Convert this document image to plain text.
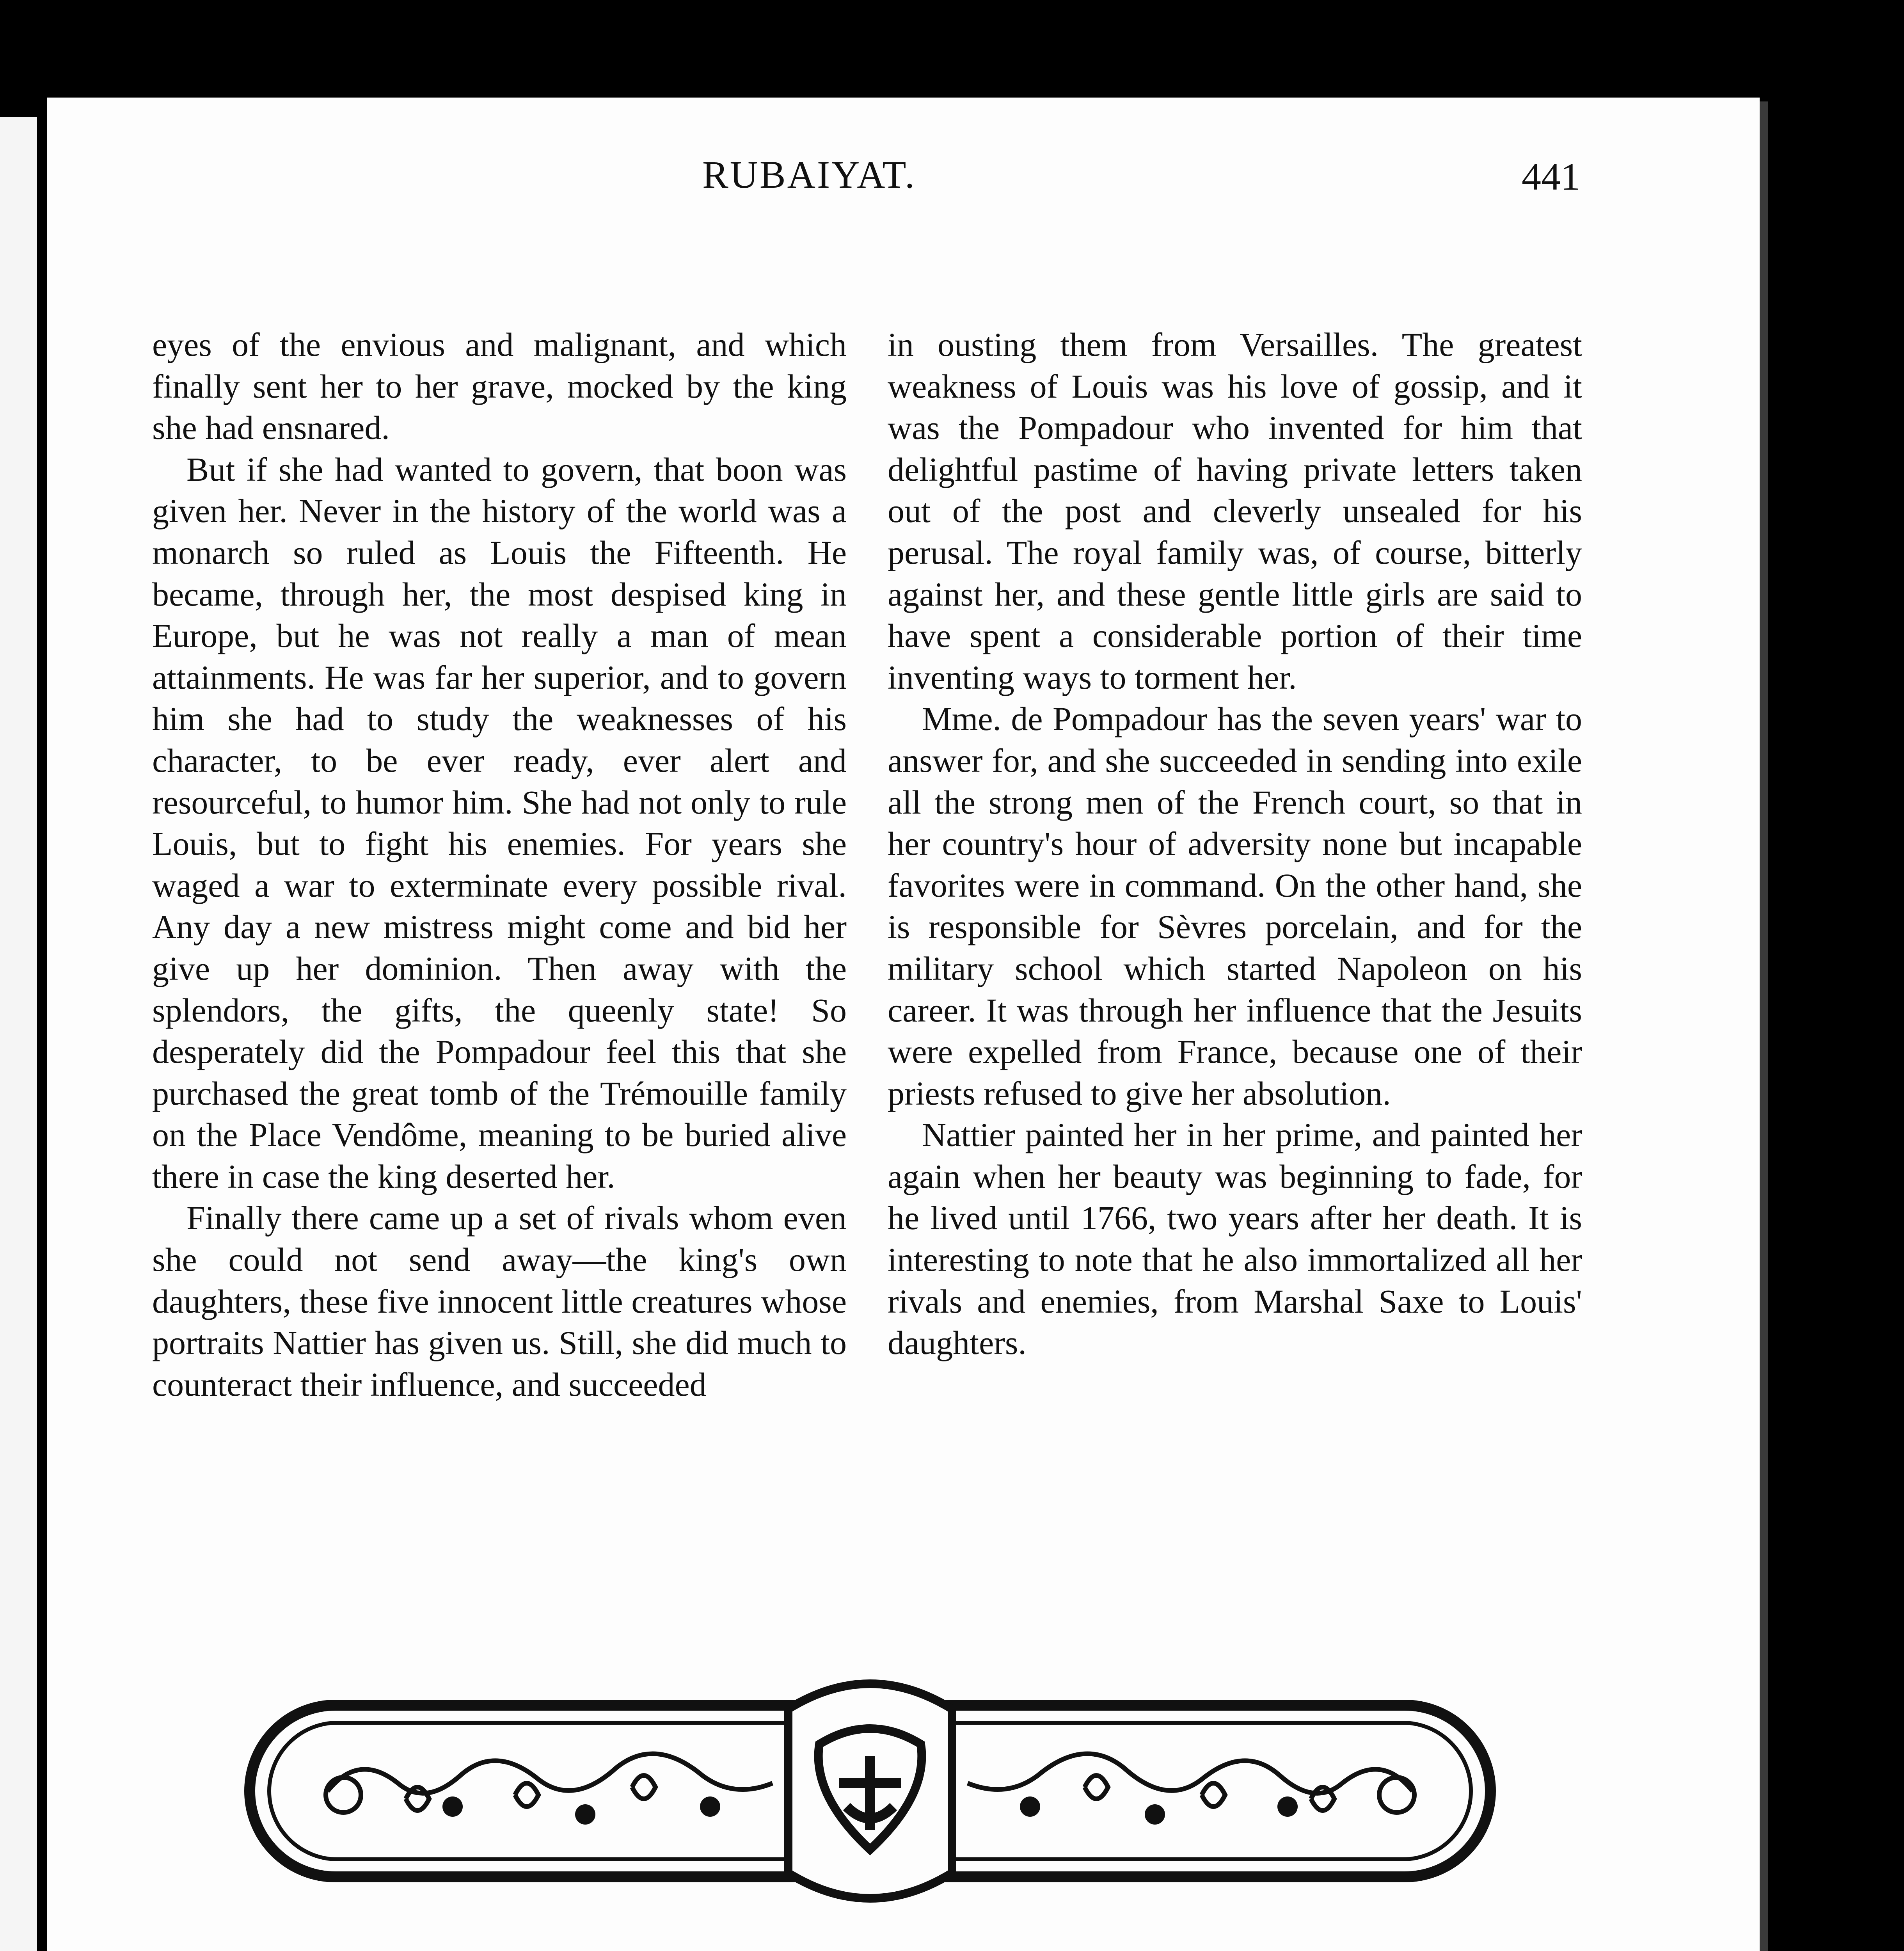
RUBAIYAT.	441

eyes of the envious and malignant, and which finally sent her to her grave, mocked by the king she had ensnared.

But if she had wanted to govern, that boon was given her. Never in the history of the world was a monarch so ruled as Louis the Fifteenth. He became, through her, the most despised king in Europe, but he was not really a man of mean attainments. He was far her superior, and to govern him she had to study the weaknesses of his character, to be ever ready, ever alert and resourceful, to humor him. She had not only to rule Louis, but to fight his enemies. For years she waged a war to exterminate every possible rival. Any day a new mistress might come and bid her give up her dominion. Then away with the splendors, the gifts, the queenly state! So desperately did the Pompadour feel this that she purchased the great tomb of the Trémouille family on the Place Vendôme, meaning to be buried alive there in case the king deserted her.

Finally there came up a set of rivals whom even she could not send away—the king's own daughters, these five innocent little creatures whose portraits Nattier has given us. Still, she did much to counteract their influence, and succeeded

in ousting them from Versailles. The greatest weakness of Louis was his love of gossip, and it was the Pompadour who invented for him that delightful pastime of having private letters taken out of the post and cleverly unsealed for his perusal. The royal family was, of course, bitterly against her, and these gentle little girls are said to have spent a considerable portion of their time inventing ways to torment her.

Mme. de Pompadour has the seven years' war to answer for, and she succeeded in sending into exile all the strong men of the French court, so that in her country's hour of adversity none but incapable favorites were in command. On the other hand, she is responsible for Sèvres porcelain, and for the military school which started Napoleon on his career. It was through her influence that the Jesuits were expelled from France, because one of their priests refused to give her absolution.

Nattier painted her in her prime, and painted her again when her beauty was beginning to fade, for he lived until 1766, two years after her death. It is interesting to note that he also immortalized all her rivals and enemies, from Marshal Saxe to Louis' daughters.
